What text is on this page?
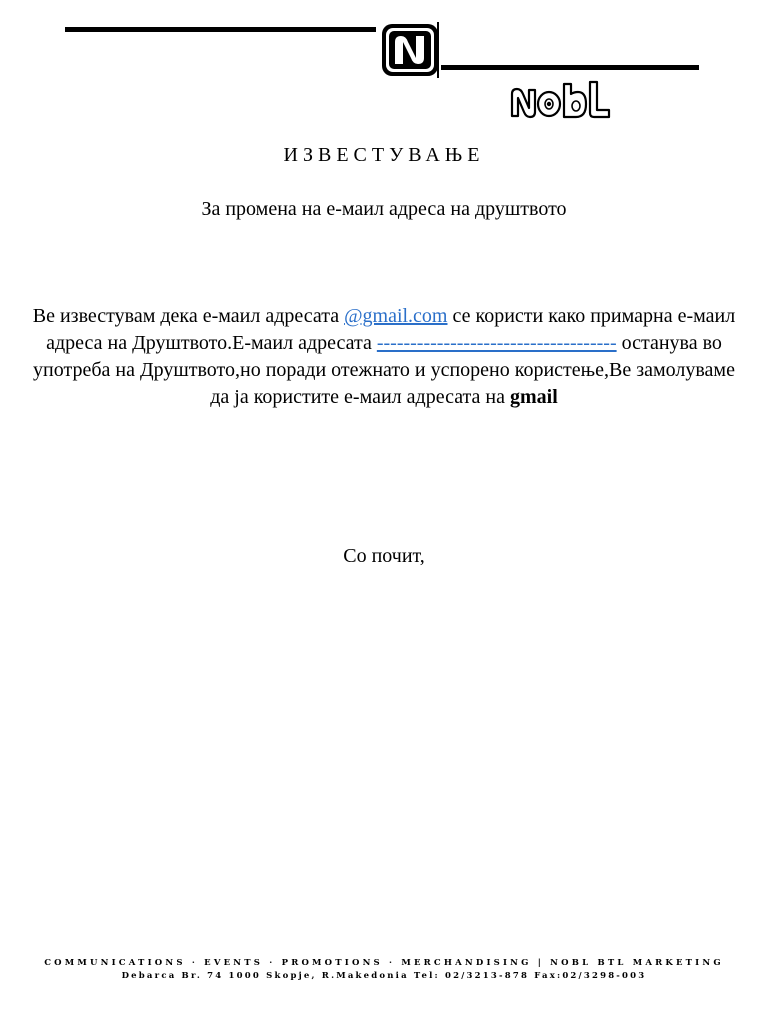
NOBL
ИЗВЕСТУВАЊЕ
За промена на е-маил адреса на друштвото
Ве известувам дека е-маил адресата @gmail.com се користи како примарна е-маил адреса на Друштвото.Е-маил адресата ------------------------------------ останува во употреба на Друштвото,но поради отежнато и успорено користење,Ве замолуваме да ја користите е-маил адресата на gmail
Со почит,
COMMUNICATIONS · EVENTS · PROMOTIONS · MERCHANDISING | NOBL BTL MARKETING
Debarca Br. 74 1000 Skopje, R.Makedonia Tel: 02/3213-878 Fax:02/3298-003
